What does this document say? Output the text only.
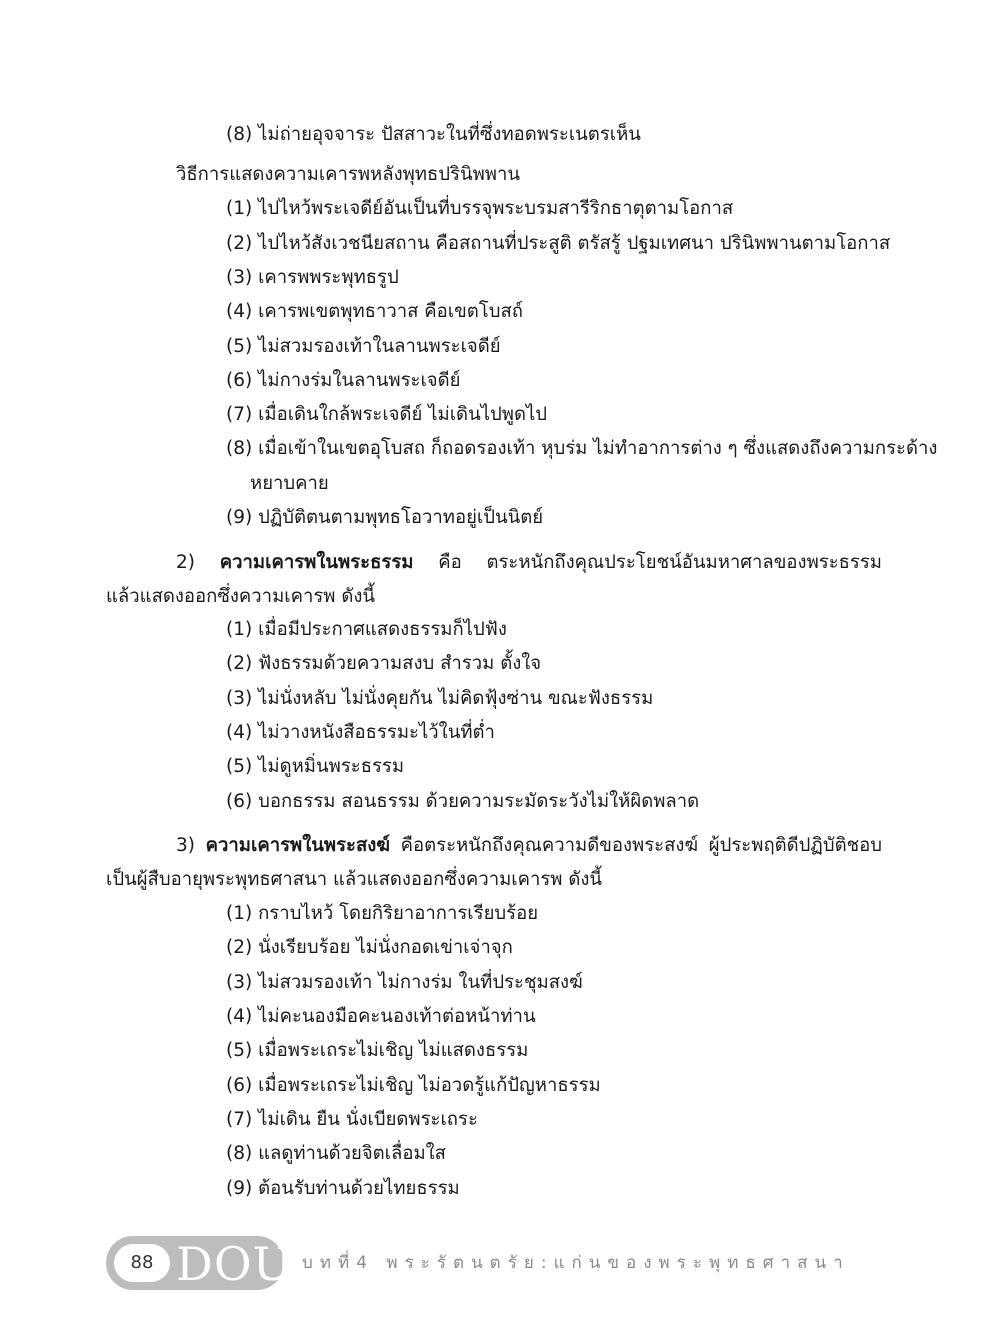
(8) ไม่ถ่ายอุจจาระ ปัสสาวะในที่ซึ่งทอดพระเนตรเห็น
วิธีการแสดงความเคารพหลังพุทธปรินิพพาน
(1) ไปไหว้พระเจดีย์อันเป็นที่บรรจุพระบรมสารีริกธาตุตามโอกาส
(2) ไปไหว้สังเวชนียสถาน คือสถานที่ประสูติ ตรัสรู้ ปฐมเทศนา ปรินิพพานตามโอกาส
(3) เคารพพระพุทธรูป
(4) เคารพเขตพุทธาวาส คือเขตโบสถ์
(5) ไม่สวมรองเท้าในลานพระเจดีย์
(6) ไม่กางร่มในลานพระเจดีย์
(7) เมื่อเดินใกล้พระเจดีย์ ไม่เดินไปพูดไป
(8) เมื่อเข้าในเขตอุโบสถ ก็ถอดรองเท้า หุบร่ม ไม่ทำอาการต่าง ๆ ซึ่งแสดงถึงความกระด้าง
หยาบคาย
(9) ปฏิบัติตนตามพุทธโอวาทอยู่เป็นนิตย์
2) ความเคารพในพระธรรม คือ ตระหนักถึงคุณประโยชน์อันมหาศาลของพระธรรม
แล้วแสดงออกซึ่งความเคารพ ดังนี้
(1) เมื่อมีประกาศแสดงธรรมก็ไปฟัง
(2) ฟังธรรมด้วยความสงบ สำรวม ตั้งใจ
(3) ไม่นั่งหลับ ไม่นั่งคุยกัน ไม่คิดฟุ้งซ่าน ขณะฟังธรรม
(4) ไม่วางหนังสือธรรมะไว้ในที่ต่ำ
(5) ไม่ดูหมิ่นพระธรรม
(6) บอกธรรม สอนธรรม ด้วยความระมัดระวังไม่ให้ผิดพลาด
3) ความเคารพในพระสงฆ์ คือตระหนักถึงคุณความดีของพระสงฆ์ ผู้ประพฤติดีปฏิบัติชอบ
เป็นผู้สืบอายุพระพุทธศาสนา แล้วแสดงออกซึ่งความเคารพ ดังนี้
(1) กราบไหว้ โดยกิริยาอาการเรียบร้อย
(2) นั่งเรียบร้อย ไม่นั่งกอดเข่าเจ่าจุก
(3) ไม่สวมรองเท้า ไม่กางร่ม ในที่ประชุมสงฆ์
(4) ไม่คะนองมือคะนองเท้าต่อหน้าท่าน
(5) เมื่อพระเถระไม่เชิญ ไม่แสดงธรรม
(6) เมื่อพระเถระไม่เชิญ ไม่อวดรู้แก้ปัญหาธรรม
(7) ไม่เดิน ยืน นั่งเบียดพระเถระ
(8) แลดูท่านด้วยจิตเลื่อมใส
(9) ต้อนรับท่านด้วยไทยธรรม
88 DOU บทที่4 พระรัตนตรัย:แก่นของพระพุทธศาสนา
